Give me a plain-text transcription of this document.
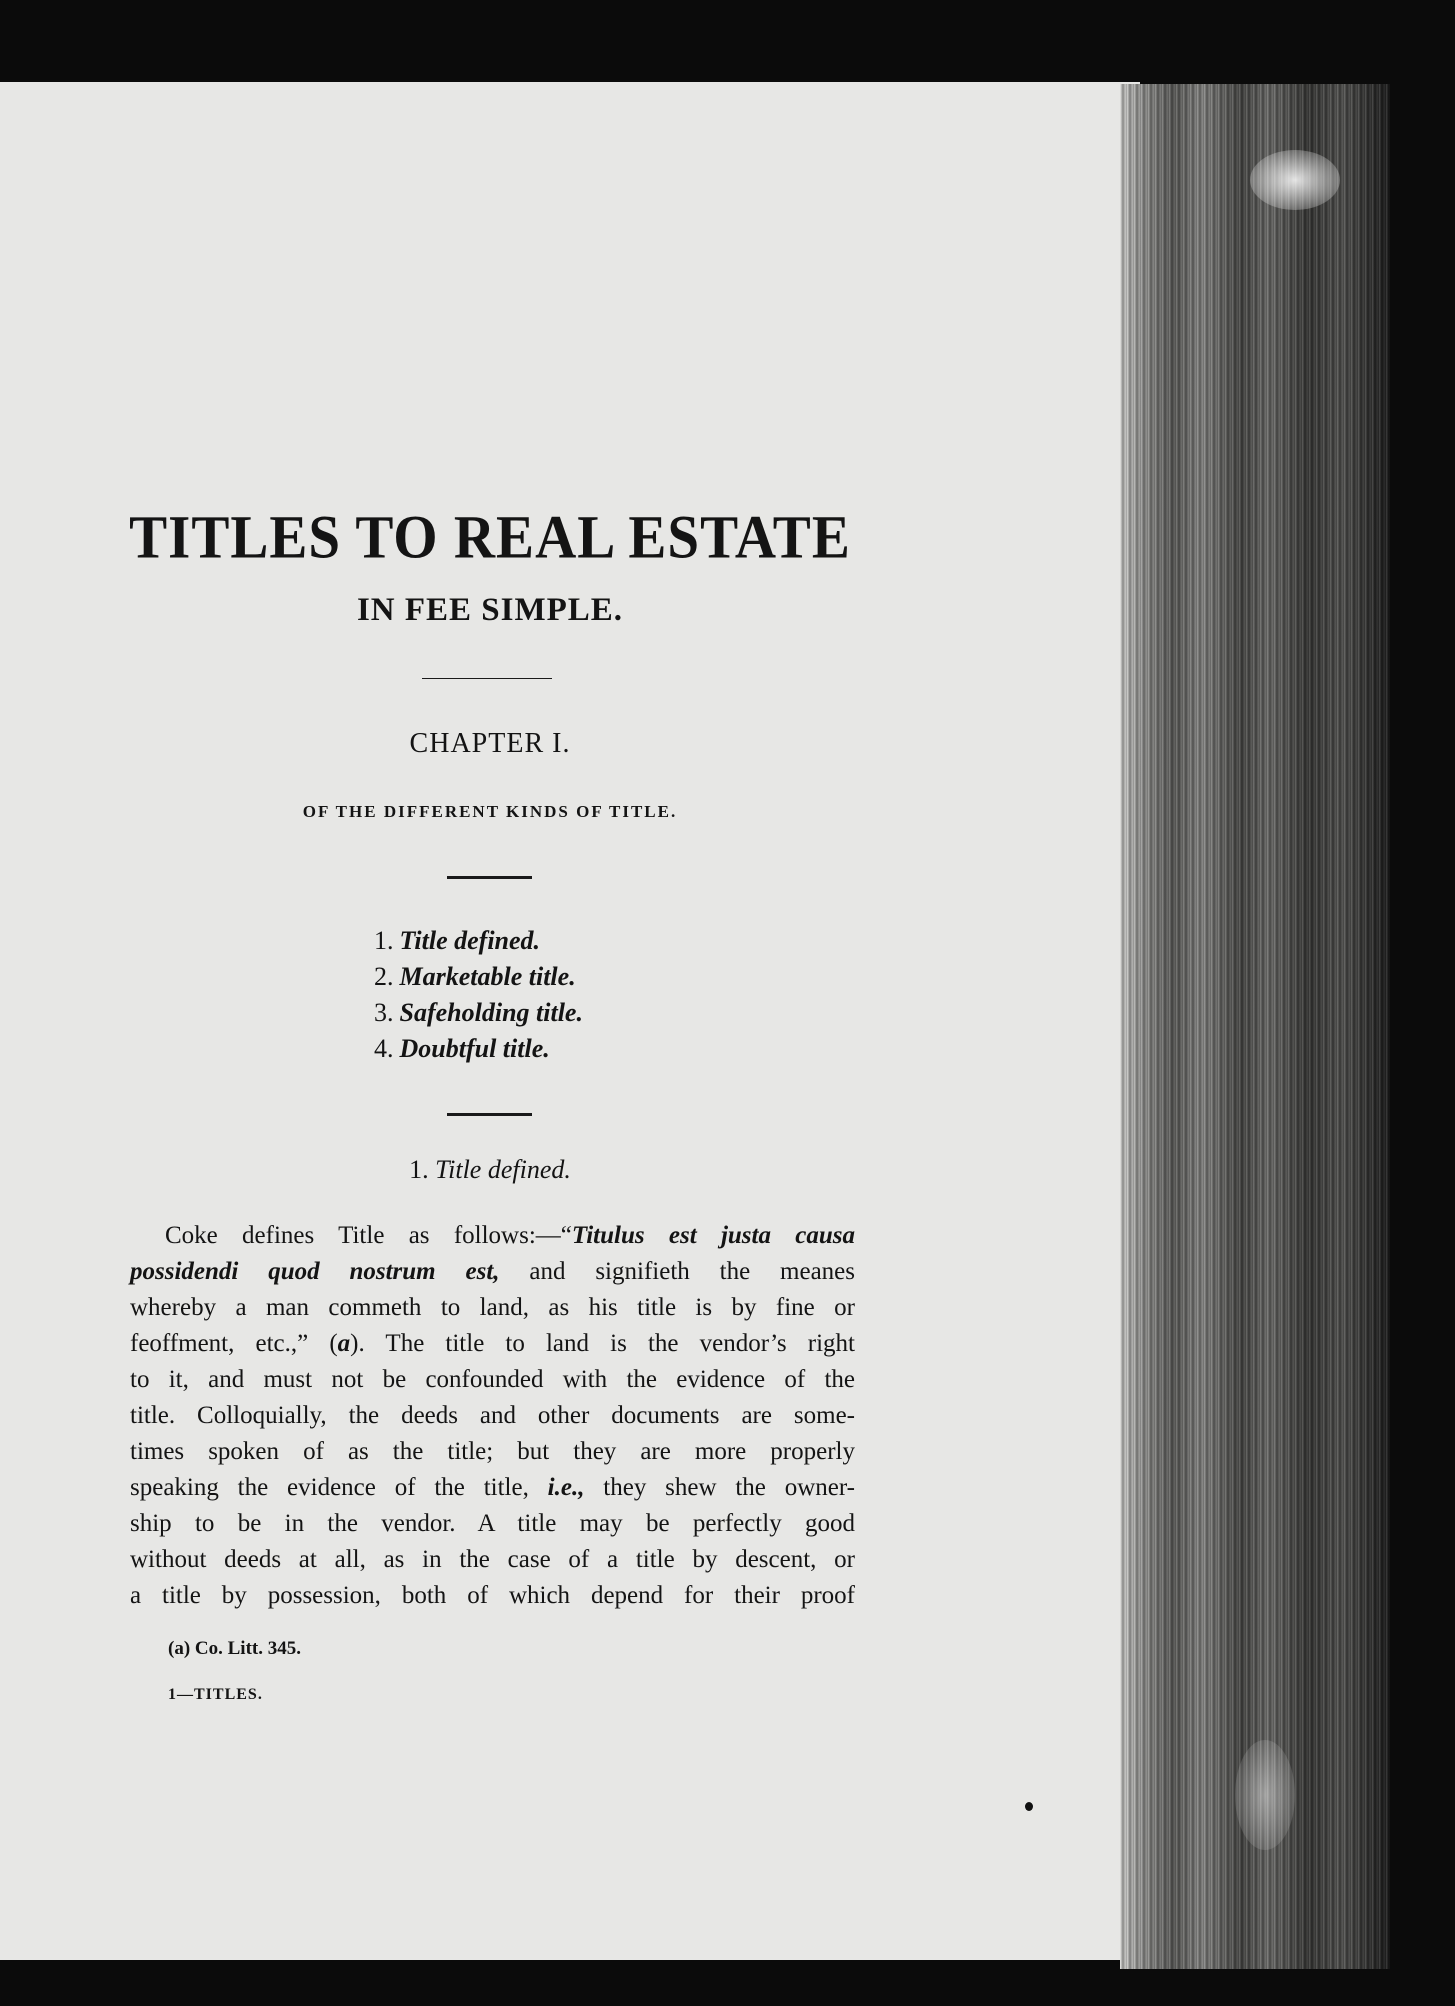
TITLES TO REAL ESTATE
IN FEE SIMPLE.
CHAPTER I.

OF THE DIFFERENT KINDS OF TITLE.

1. Title defined.
2. Marketable title.
3. Safeholding title.
4. Doubtful title.
1. Title defined.
Coke defines Title as follows:—“Titulus est justa causa
possidendi quod nostrum est, and signifieth the meanes
whereby a man commeth to land, as his title is by fine or
feoffment, etc.,” (a). The title to land is the vendor’s right
to it, and must not be confounded with the evidence of the
title. Colloquially, the deeds and other documents are some-
times spoken of as the title; but they are more properly
speaking the evidence of the title, i.e., they shew the owner-
ship to be in the vendor. A title may be perfectly good
without deeds at all, as in the case of a title by descent, or
a title by possession, both of which depend for their proof

(a) Co. Litt. 345.

1—TITLES.
